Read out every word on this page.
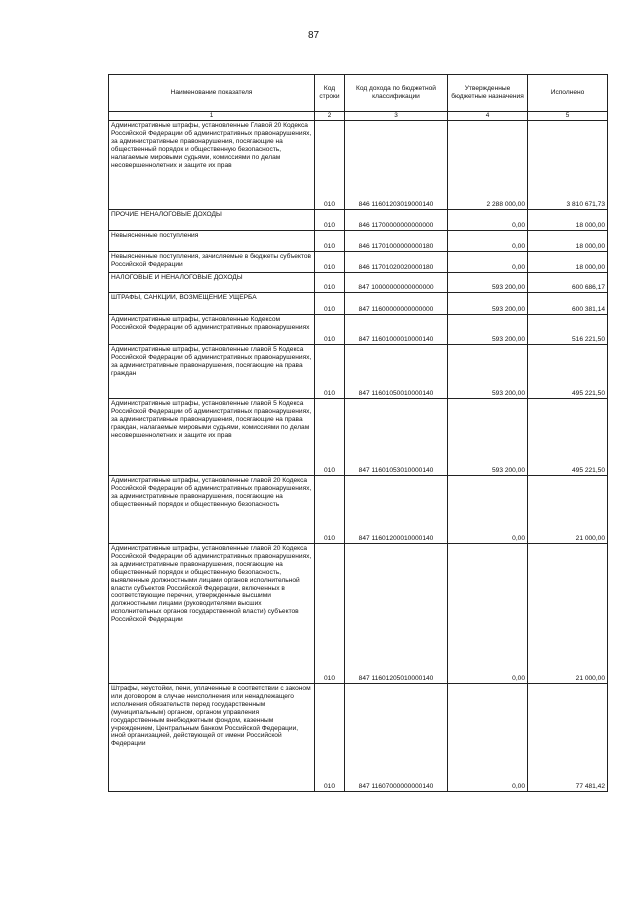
87
Наименование показателя	Код строки	Код дохода по бюджетной классификации	Утвержденные бюджетные назначения	Исполнено
1	2	3	4	5
Административные штрафы, установленные Главой 20 Кодекса Российской Федерации об административных правонарушениях, за административные правонарушения, посягающие на общественный порядок и общественную безопасность, налагаемые мировыми судьями, комиссиями по делам несовершеннолетних и защите их прав	010	846 11601203019000140	2 288 000,00	3 810 671,73
ПРОЧИЕ НЕНАЛОГОВЫЕ ДОХОДЫ	010	846 11700000000000000	0,00	18 000,00
Невыясненные поступления	010	846 11701000000000180	0,00	18 000,00
Невыясненные поступления, зачисляемые в бюджеты субъектов Российской Федерации	010	846 11701020020000180	0,00	18 000,00
НАЛОГОВЫЕ И НЕНАЛОГОВЫЕ ДОХОДЫ	010	847 10000000000000000	593 200,00	600 686,17
ШТРАФЫ, САНКЦИИ, ВОЗМЕЩЕНИЕ УЩЕРБА	010	847 11600000000000000	593 200,00	600 381,14
Административные штрафы, установленные Кодексом Российской Федерации об административных правонарушениях	010	847 11601000010000140	593 200,00	516 221,50
Административные штрафы, установленные главой 5 Кодекса Российской Федерации об административных правонарушениях, за административные правонарушения, посягающие на права граждан	010	847 11601050010000140	593 200,00	495 221,50
Административные штрафы, установленные главой 5 Кодекса Российской Федерации об административных правонарушениях, за административные правонарушения, посягающие на права граждан, налагаемые мировыми судьями, комиссиями по делам несовершеннолетних и защите их прав	010	847 11601053010000140	593 200,00	495 221,50
Административные штрафы, установленные главой 20 Кодекса Российской Федерации об административных правонарушениях, за административные правонарушения, посягающие на общественный порядок и общественную безопасность	010	847 11601200010000140	0,00	21 000,00
Административные штрафы, установленные главой 20 Кодекса Российской Федерации об административных правонарушениях, за административные правонарушения, посягающие на общественный порядок и общественную безопасность, выявленные должностными лицами органов исполнительной власти субъектов Российской Федерации, включенных в соответствующие перечни, утвержденные высшими должностными лицами (руководителями высших исполнительных органов государственной власти) субъектов Российской Федерации	010	847 11601205010000140	0,00	21 000,00
Штрафы, неустойки, пени, уплаченные в соответствии с законом или договором в случае неисполнения или ненадлежащего исполнения обязательств перед государственным (муниципальным) органом, органом управления государственным внебюджетным фондом, казенным учреждением, Центральным банком Российской Федерации, иной организацией, действующей от имени Российской Федерации	010	847 11607000000000140	0,00	77 481,42
